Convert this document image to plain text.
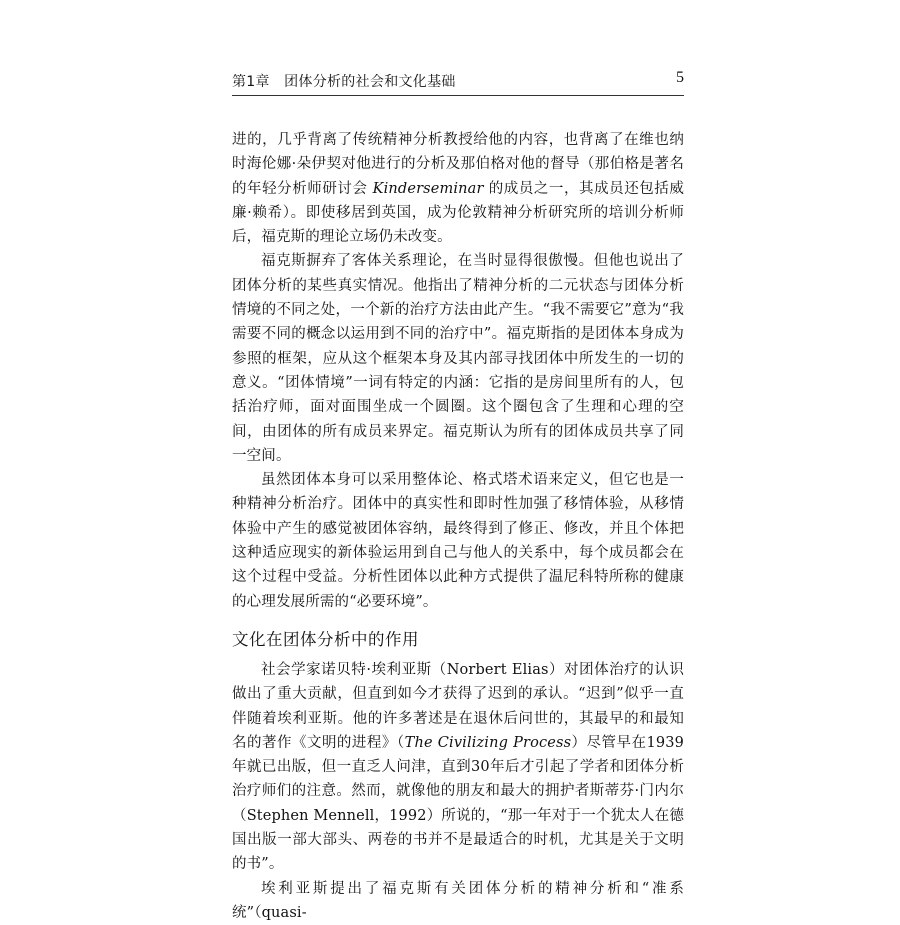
第1章　团体分析的社会和文化基础	5

进的，几乎背离了传统精神分析教授给他的内容，也背离了在维也纳时海伦娜·朵伊契对他进行的分析及那伯格对他的督导（那伯格是著名的年轻分析师研讨会 Kinderseminar 的成员之一，其成员还包括威廉·赖希）。即使移居到英国，成为伦敦精神分析研究所的培训分析师后，福克斯的理论立场仍未改变。

福克斯摒弃了客体关系理论，在当时显得很傲慢。但他也说出了团体分析的某些真实情况。他指出了精神分析的二元状态与团体分析情境的不同之处，一个新的治疗方法由此产生。“我不需要它”意为“我需要不同的概念以运用到不同的治疗中”。福克斯指的是团体本身成为参照的框架，应从这个框架本身及其内部寻找团体中所发生的一切的意义。“团体情境”一词有特定的内涵：它指的是房间里所有的人，包括治疗师，面对面围坐成一个圆圈。这个圈包含了生理和心理的空间，由团体的所有成员来界定。福克斯认为所有的团体成员共享了同一空间。

虽然团体本身可以采用整体论、格式塔术语来定义，但它也是一种精神分析治疗。团体中的真实性和即时性加强了移情体验，从移情体验中产生的感觉被团体容纳，最终得到了修正、修改，并且个体把这种适应现实的新体验运用到自己与他人的关系中，每个成员都会在这个过程中受益。分析性团体以此种方式提供了温尼科特所称的健康的心理发展所需的“必要环境”。

文化在团体分析中的作用

社会学家诺贝特·埃利亚斯（Norbert Elias）对团体治疗的认识做出了重大贡献，但直到如今才获得了迟到的承认。“迟到”似乎一直伴随着埃利亚斯。他的许多著述是在退休后问世的，其最早的和最知名的著作《文明的进程》（The Civilizing Process）尽管早在1939年就已出版，但一直乏人问津，直到30年后才引起了学者和团体分析治疗师们的注意。然而，就像他的朋友和最大的拥护者斯蒂芬·门内尔（Stephen Mennell，1992）所说的，“那一年对于一个犹太人在德国出版一部大部头、两卷的书并不是最适合的时机，尤其是关于文明的书”。

埃利亚斯提出了福克斯有关团体分析的精神分析和“准系统”（quasi-
